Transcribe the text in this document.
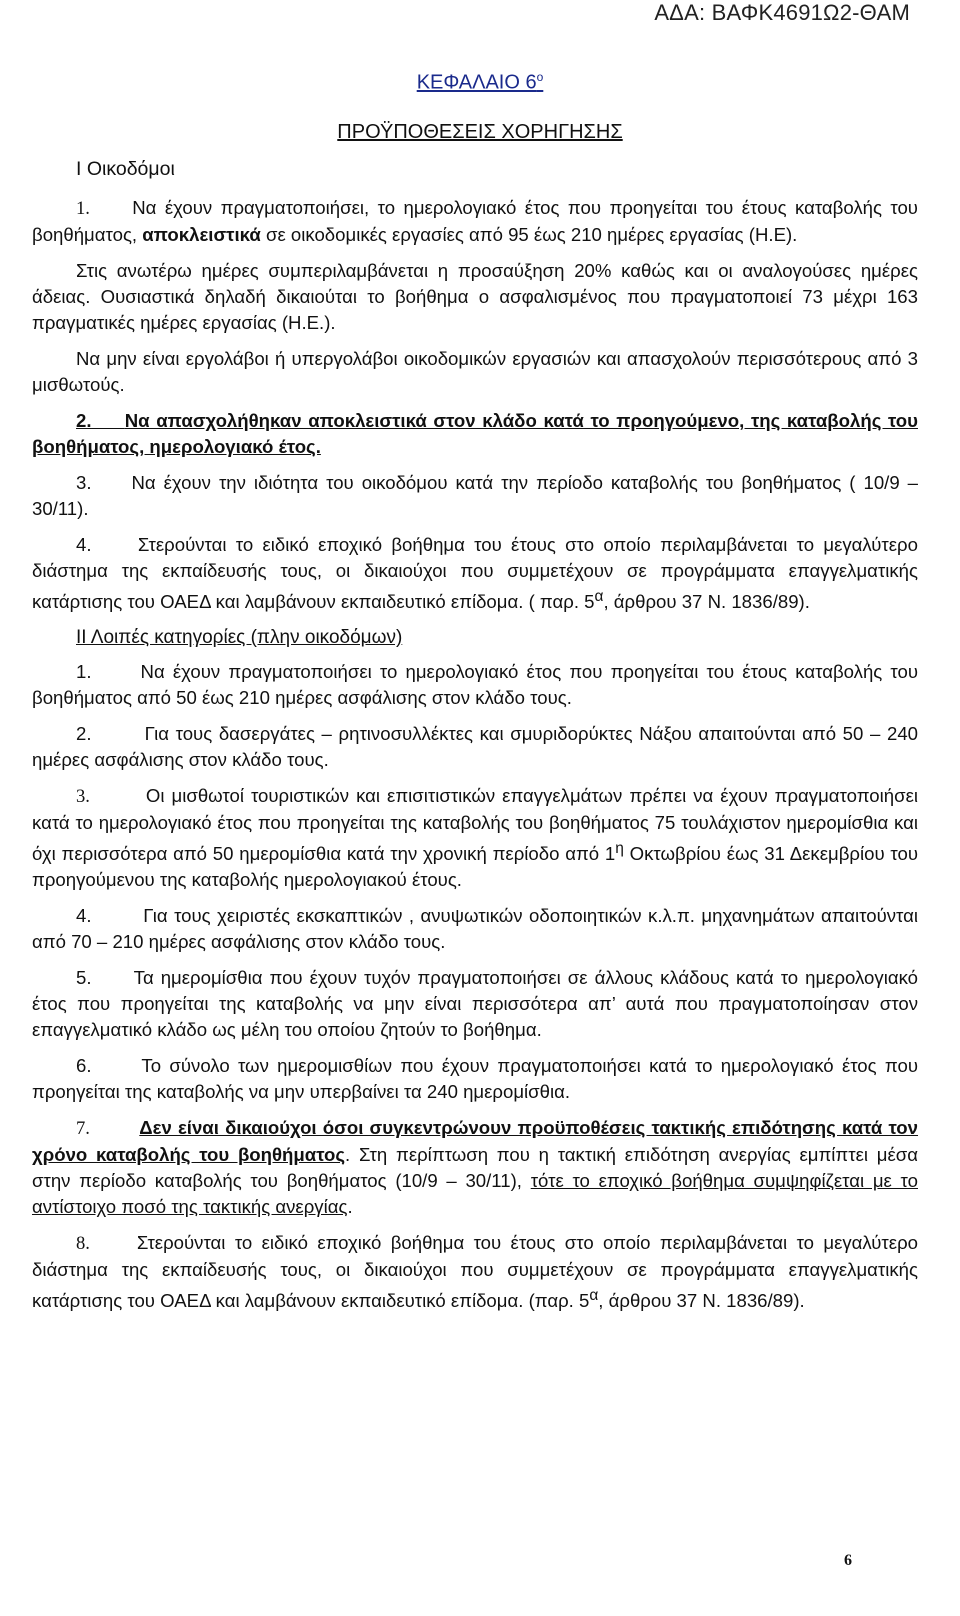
ΑΔΑ: ΒΑΦΚ4691Ω2-ΘΑΜ
ΚΕΦΑΛΑΙΟ $6^o$
ΠΡΟΫΠΟΘΕΣΕΙΣ ΧΟΡΗΓΗΣΗΣ
Ι Οικοδόμοι

1. Να έχουν πραγματοποιήσει, το ημερολογιακό έτος που προηγείται του έτους καταβολής του βοηθήματος, αποκλειστικά σε οικοδομικές εργασίες από 95 έως 210 ημέρες εργασίας (Η.Ε).

Στις ανωτέρω ημέρες συμπεριλαμβάνεται η προσαύξηση 20% καθώς και οι αναλογούσες ημέρες άδειας. Ουσιαστικά δηλαδή δικαιούται το βοήθημα ο ασφαλισμένος που πραγματοποιεί 73 μέχρι 163 πραγματικές ημέρες εργασίας (Η.Ε.).

Να μην είναι εργολάβοι ή υπεργολάβοι οικοδομικών εργασιών και απασχολούν περισσότερους από 3 μισθωτούς.

2. Να απασχολήθηκαν αποκλειστικά στον κλάδο κατά το προηγούμενο, της καταβολής του βοηθήματος, ημερολογιακό έτος.

3. Να έχουν την ιδιότητα του οικοδόμου κατά την περίοδο καταβολής του βοηθήματος ( 10/9 – 30/11).

4. Στερούνται το ειδικό εποχικό βοήθημα του έτους στο οποίο περιλαμβάνεται το μεγαλύτερο διάστημα της εκπαίδευσής τους, οι δικαιούχοι που συμμετέχουν σε προγράμματα επαγγελματικής κατάρτισης του ΟΑΕΔ και λαμβάνουν εκπαιδευτικό επίδομα. ( παρ. $5^\alpha$, άρθρου 37 Ν. 1836/89).

ΙΙ Λοιπές κατηγορίες (πλην οικοδόμων)

1.	Να έχουν πραγματοποιήσει το ημερολογιακό έτος που προηγείται του έτους καταβολής του βοηθήματος από 50 έως 210 ημέρες ασφάλισης στον κλάδο τους.

2.	Για τους δασεργάτες – ρητινοσυλλέκτες και σμυριδορύκτες Νάξου απαιτούνται από 50 – 240 ημέρες ασφάλισης στον κλάδο τους.

3.	Οι μισθωτοί τουριστικών και επισιτιστικών επαγγελμάτων πρέπει να έχουν πραγματοποιήσει κατά το ημερολογιακό έτος που προηγείται της καταβολής του βοηθήματος 75 τουλάχιστον ημερομίσθια και όχι περισσότερα από 50 ημερομίσθια κατά την χρονική περίοδο από $1^\eta$ Οκτωβρίου έως 31 Δεκεμβρίου του προηγούμενου της καταβολής ημερολογιακού έτους.

4.	Για τους χειριστές εκσκαπτικών , ανυψωτικών οδοποιητικών κ.λ.π. μηχανημάτων απαιτούνται από 70 – 210 ημέρες ασφάλισης στον κλάδο τους.

5. Τα ημερομίσθια που έχουν τυχόν πραγματοποιήσει σε άλλους κλάδους κατά το ημερολογιακό έτος που προηγείται της καταβολής να μην είναι περισσότερα απ’ αυτά που πραγματοποίησαν στον επαγγελματικό κλάδο ως μέλη του οποίου ζητούν το βοήθημα.

6.	Το σύνολο των ημερομισθίων που έχουν πραγματοποιήσει κατά το ημερολογιακό έτος που προηγείται της καταβολής να μην υπερβαίνει τα 240 ημερομίσθια.

7.	Δεν είναι δικαιούχοι όσοι συγκεντρώνουν προϋποθέσεις τακτικής επιδότησης κατά τον χρόνο καταβολής του βοηθήματος. Στη περίπτωση που η τακτική επιδότηση ανεργίας εμπίπτει μέσα στην περίοδο καταβολής του βοηθήματος (10/9 – 30/11), τότε το εποχικό βοήθημα συμψηφίζεται με το αντίστοιχο ποσό της τακτικής ανεργίας.

8.	Στερούνται το ειδικό εποχικό βοήθημα του έτους στο οποίο περιλαμβάνεται το μεγαλύτερο διάστημα της εκπαίδευσής τους, οι δικαιούχοι που συμμετέχουν σε προγράμματα επαγγελματικής κατάρτισης του ΟΑΕΔ και λαμβάνουν εκπαιδευτικό επίδομα. (παρ. $5^\alpha$, άρθρου 37 Ν. 1836/89).

6
